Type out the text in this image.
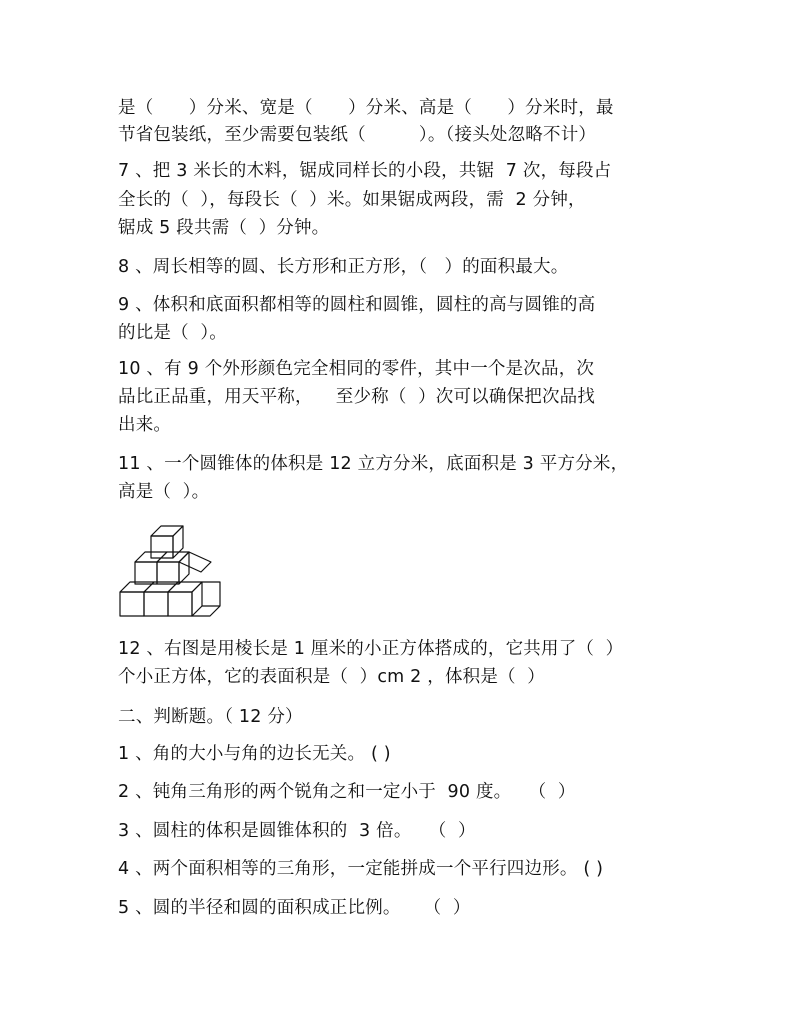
是（　　）分米、宽是（　　）分米、高是（　　）分米时，最
节省包装纸，至少需要包装纸（　　　）。（接头处忽略不计）
7 、把 3 米长的木料，锯成同样长的小段，共锯  7 次，每段占
全长的（  ），每段长（  ）米。如果锯成两段，需  2 分钟，
锯成 5 段共需（  ）分钟。
8 、周长相等的圆、长方形和正方形，（   ）的面积最大。
9 、体积和底面积都相等的圆柱和圆锥，圆柱的高与圆锥的高
的比是（  ）。
10 、有 9 个外形颜色完全相同的零件，其中一个是次品，次
品比正品重，用天平称，    至少称（  ）次可以确保把次品找
出来。
11 、一个圆锥体的体积是 12 立方分米，底面积是 3 平方分米，
高是（  ）。
12 、右图是用棱长是 1 厘米的小正方体搭成的，它共用了（  ）
个小正方体，它的表面积是（  ）cm 2 ，体积是（  ）
二、判断题。（ 12 分）
1 、角的大小与角的边长无关。 ( )
2 、钝角三角形的两个锐角之和一定小于  90 度。   （  ）
3 、圆柱的体积是圆锥体积的  3 倍。   （  ）
4 、两个面积相等的三角形，一定能拼成一个平行四边形。 ( )
5 、圆的半径和圆的面积成正比例。    （  ）
